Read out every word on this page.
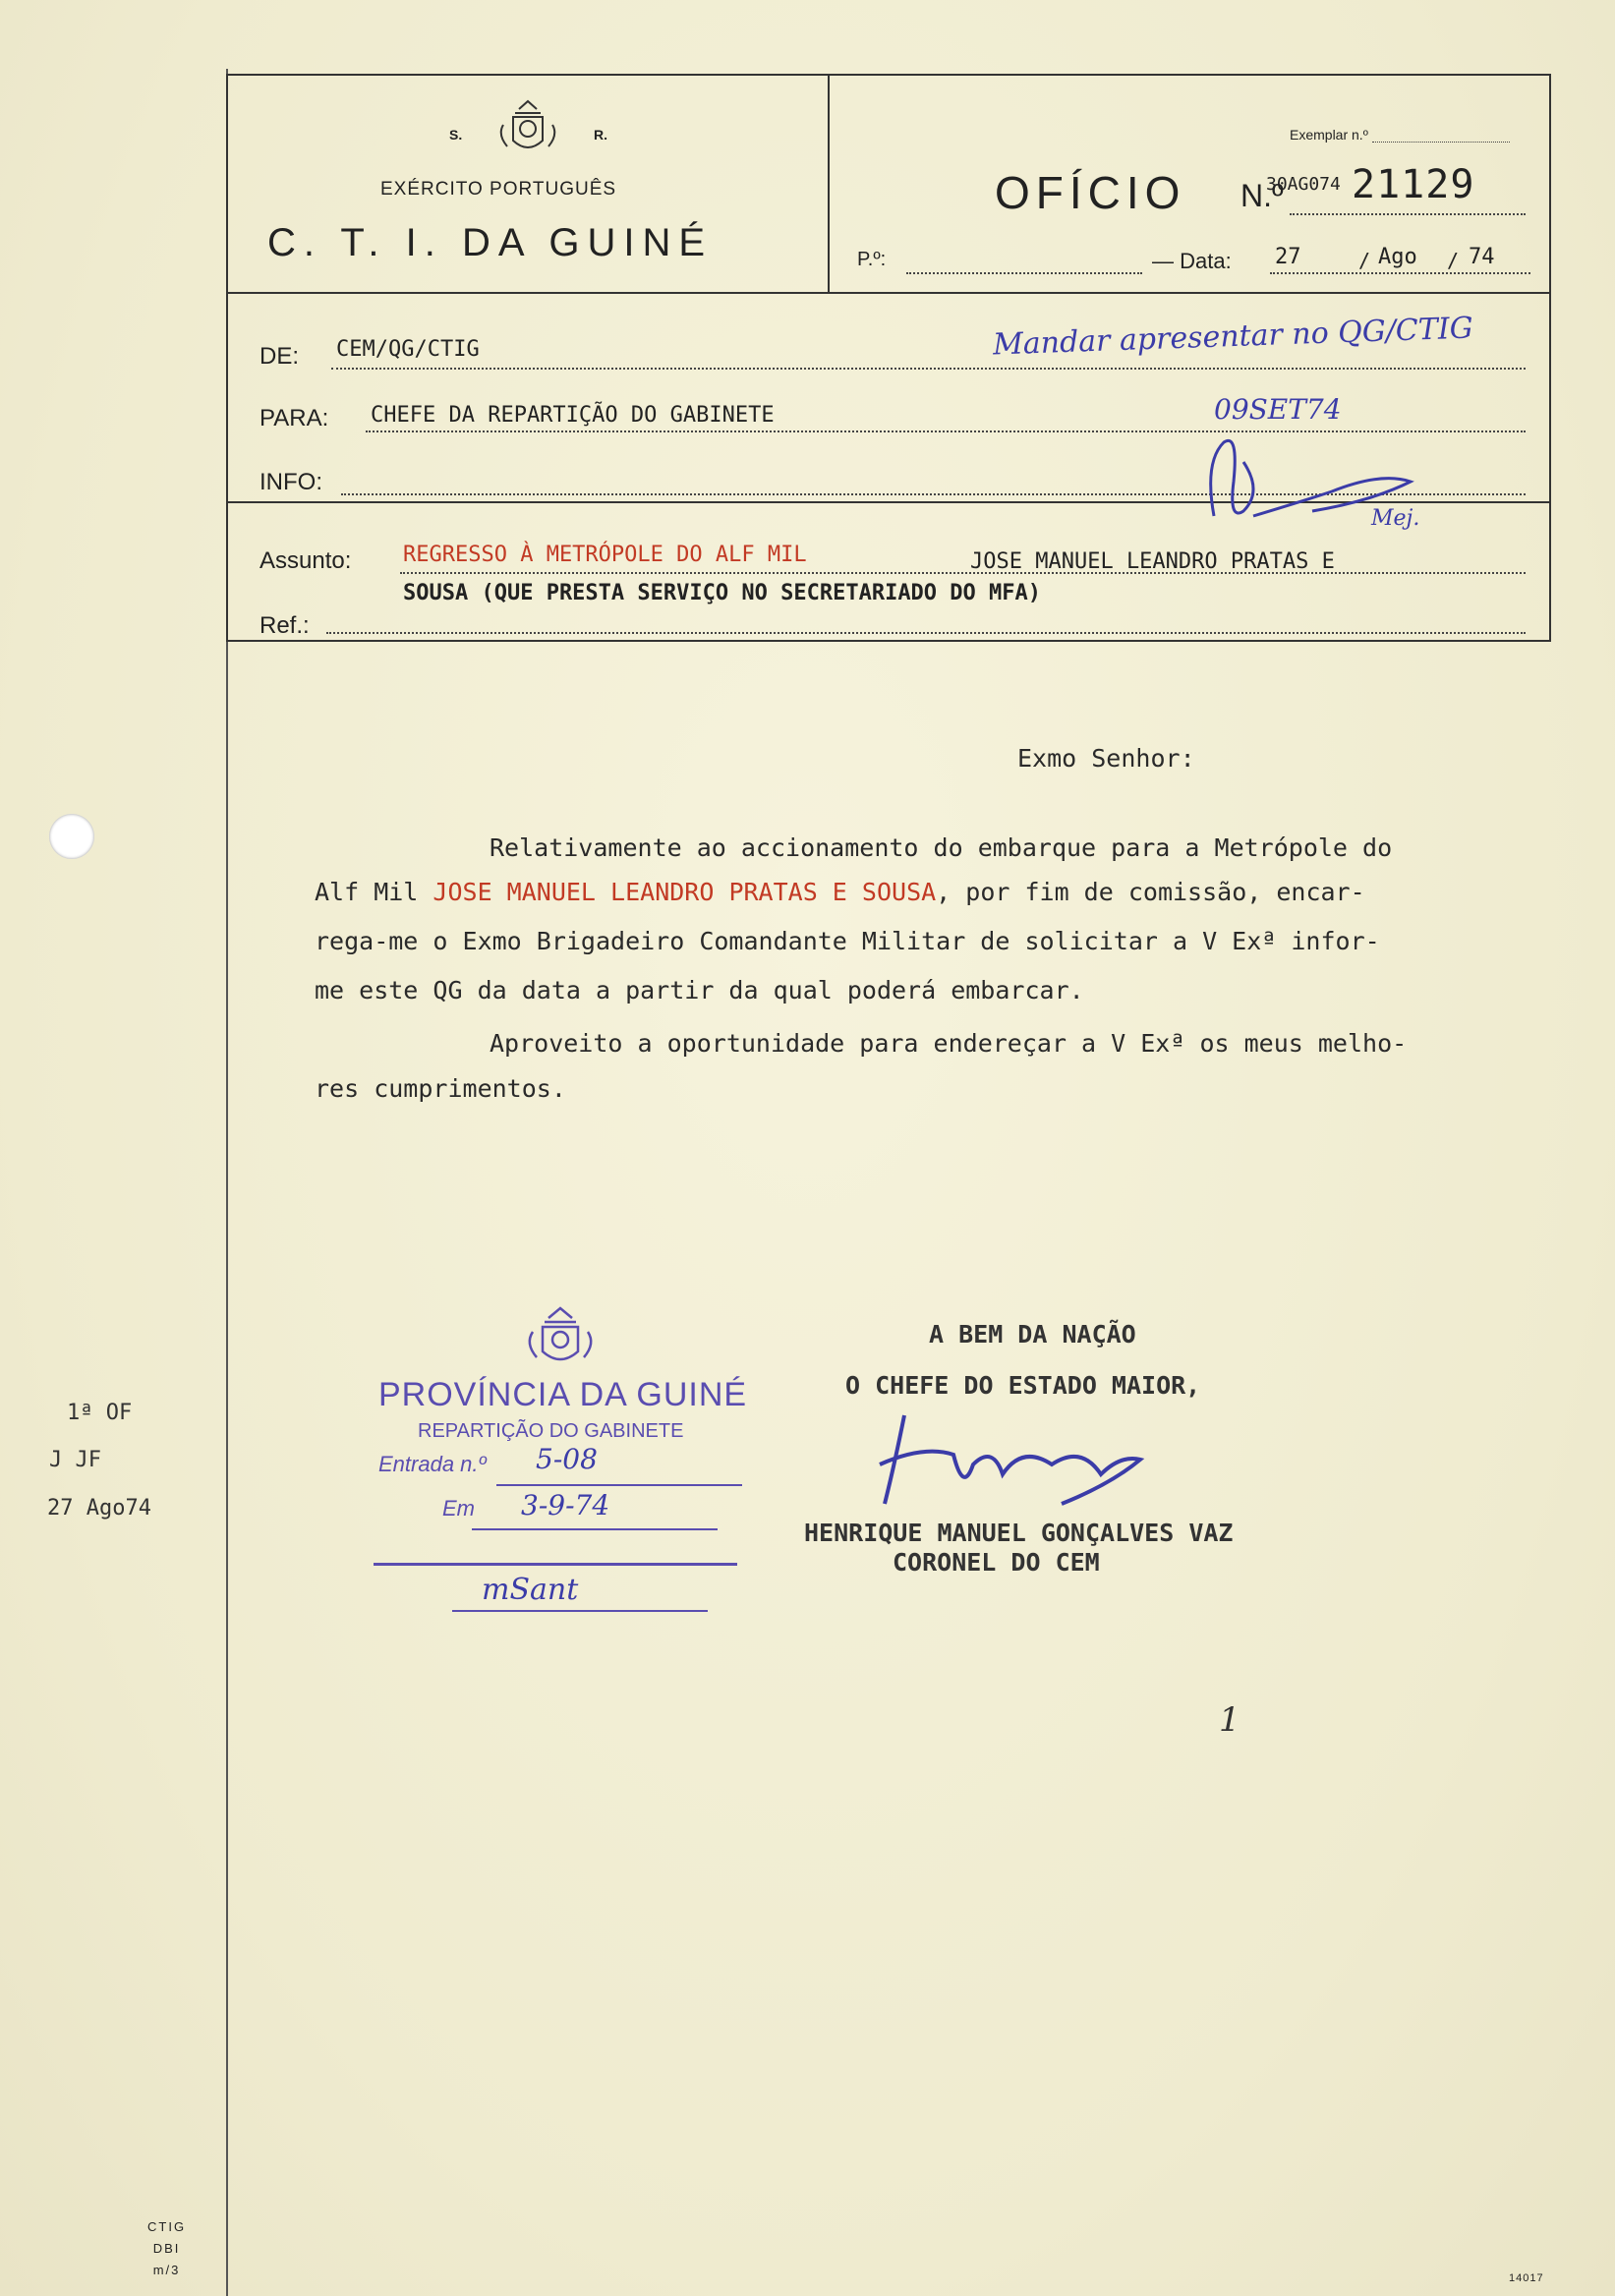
S.	R.
EXÉRCITO PORTUGUÊS
C. T. I. DA GUINÉ
Exemplar n.º
OFÍCIO N.º
30AG074 21129
P.º:	— Data: 27	/ Ago / 74
DE: CEM/QG/CTIG
PARA: CHEFE DA REPARTIÇÃO DO GABINETE
INFO:
Assunto: REGRESSO À METRÓPOLE DO ALF MIL	JOSE MANUEL LEANDRO PRATAS E
SOUSA (QUE PRESTA SERVIÇO NO SECRETARIADO DO MFA)
Ref.:
Mandar apresentar no QG/CTIG
09SET74
Mej.
Exmo Senhor:
Relativamente ao accionamento do embarque para a Metrópole do
Alf Mil JOSE MANUEL LEANDRO PRATAS E SOUSA, por fim de comissão, encar-
rega-me o Exmo Brigadeiro Comandante Militar de solicitar a V Exª infor-
me este QG da data a partir da qual poderá embarcar.
Aproveito a oportunidade para endereçar a V Exª os meus melho-
res cumprimentos.
PROVÍNCIA DA GUINÉ
REPARTIÇÃO DO GABINETE
Entrada n.º 5-08
Em 3-9-74
mSant
A BEM DA NAÇÃO
O CHEFE DO ESTADO MAIOR,
HENRIQUE MANUEL GONÇALVES VAZ
CORONEL DO CEM
1ª OF
J JF
27 Ago74
1
CTIG
DBI
m/3
14017
